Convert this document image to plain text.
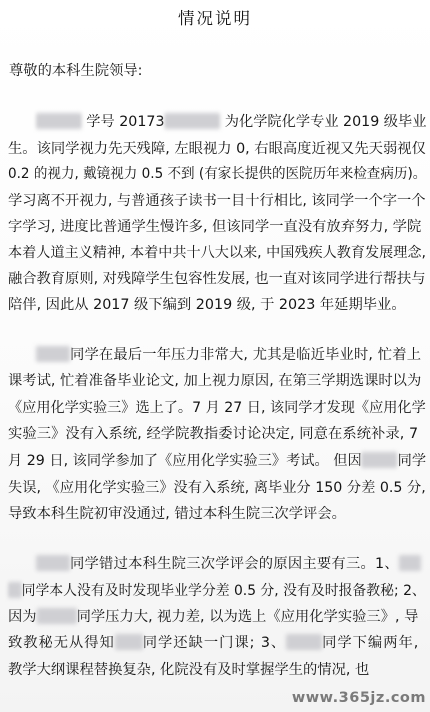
情况说明
尊敬的本科生院领导:
学号 20173	为化学院化学专业 2019 级毕业
生。该同学视力先天残障, 左眼视力 0, 右眼高度近视又先天弱视仅
0.2 的视力, 戴镜视力 0.5 不到 (有家长提供的医院历年来检查病历)。
学习离不开视力, 与普通孩子读书一目十行相比, 该同学一个字一个
字学习, 进度比普通学生慢许多, 但该同学一直没有放弃努力, 学院
本着人道主义精神, 本着中共十八大以来, 中国残疾人教育发展理念,
融合教育原则, 对残障学生包容性发展, 也一直对该同学进行帮扶与
陪伴, 因此从 2017 级下编到 2019 级, 于 2023 年延期毕业。
同学在最后一年压力非常大, 尤其是临近毕业时, 忙着上
课考试, 忙着准备毕业论文, 加上视力原因, 在第三学期选课时以为
《应用化学实验三》选上了。7 月 27 日, 该同学才发现《应用化学
实验三》没有入系统, 经学院教指委讨论决定, 同意在系统补录, 7
月 29 日, 该同学参加了《应用化学实验三》考试。 但因	同学
失误, 《应用化学实验三》没有入系统, 离毕业分 150 分差 0.5 分,
导致本科生院初审没通过, 错过本科生院三次学评会。
同学错过本科生院三次学评会的原因主要有三。1、
同学本人没有及时发现毕业学分差 0.5 分, 没有及时报备教秘; 2、
因为	同学压力大, 视力差, 以为选上《应用化学实验三》, 导
致教秘无从得知 同学还缺一门课; 3、	同学下编两年,
教学大纲课程替换复杂, 化院没有及时掌握学生的情况, 也
www.365jz.com
